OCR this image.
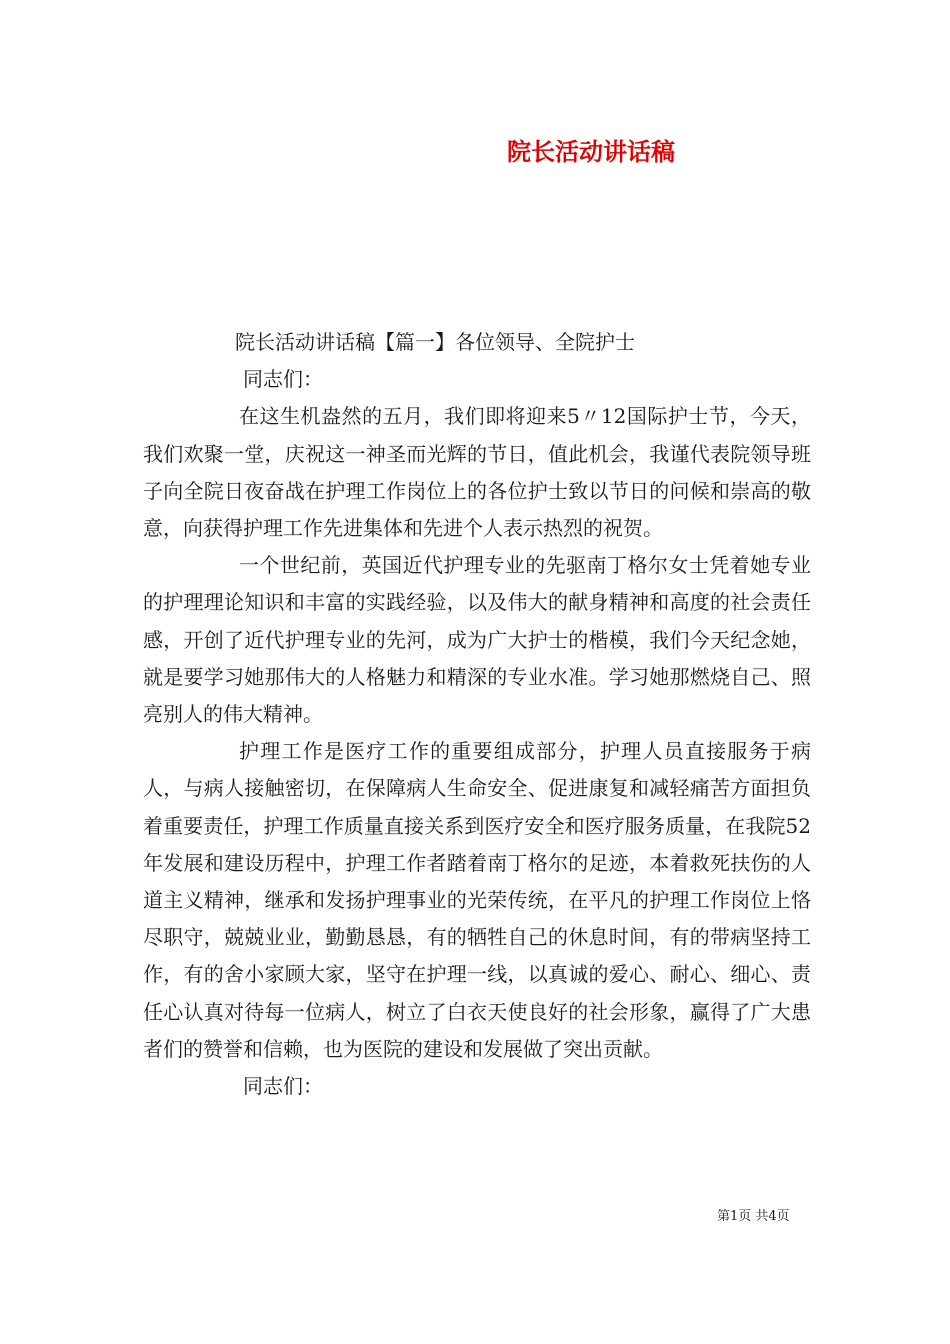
院长活动讲话稿
院长活动讲话稿【篇一】各位领导、全院护士
同志们：

在这生机盎然的五月，我们即将迎来5〃12国际护士节，今天，我们欢聚一堂，庆祝这一神圣而光辉的节日，值此机会，我谨代表院领导班子向全院日夜奋战在护理工作岗位上的各位护士致以节日的问候和崇高的敬意，向获得护理工作先进集体和先进个人表示热烈的祝贺。

一个世纪前，英国近代护理专业的先驱南丁格尔女士凭着她专业的护理理论知识和丰富的实践经验，以及伟大的献身精神和高度的社会责任感，开创了近代护理专业的先河，成为广大护士的楷模，我们今天纪念她，就是要学习她那伟大的人格魅力和精深的专业水准。学习她那燃烧自己、照亮别人的伟大精神。

护理工作是医疗工作的重要组成部分，护理人员直接服务于病人，与病人接触密切，在保障病人生命安全、促进康复和减轻痛苦方面担负着重要责任，护理工作质量直接关系到医疗安全和医疗服务质量，在我院52年发展和建设历程中，护理工作者踏着南丁格尔的足迹，本着救死扶伤的人道主义精神，继承和发扬护理事业的光荣传统，在平凡的护理工作岗位上恪尽职守，兢兢业业，勤勤恳恳，有的牺牲自己的休息时间，有的带病坚持工作，有的舍小家顾大家，坚守在护理一线，以真诚的爱心、耐心、细心、责任心认真对待每一位病人，树立了白衣天使良好的社会形象，赢得了广大患者们的赞誉和信赖，也为医院的建设和发展做了突出贡献。

同志们：
第1页 共4页
